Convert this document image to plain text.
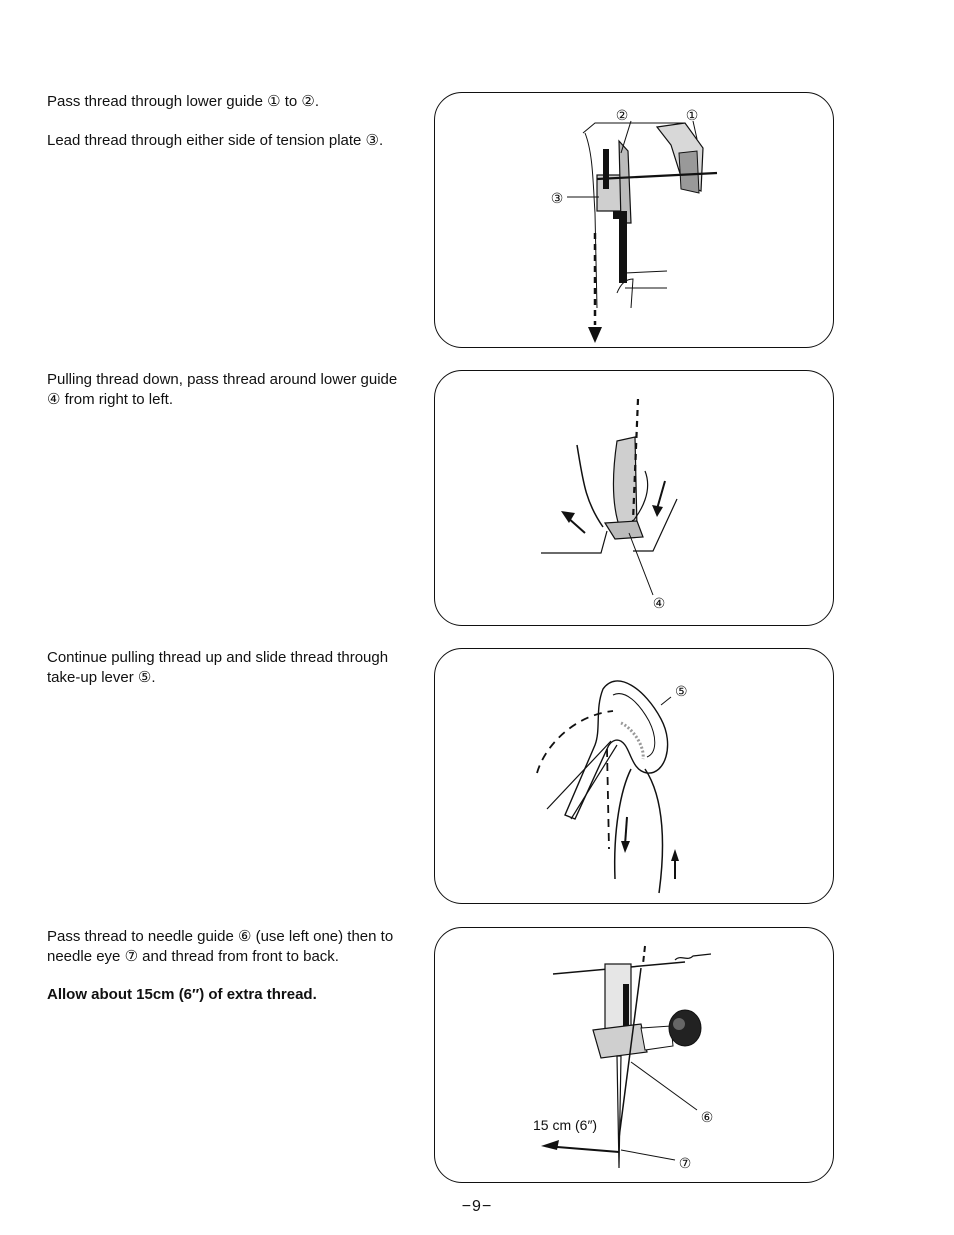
Pass thread through lower guide ① to ②.

Lead thread through either side of tension plate ③.

②	①
③

Pulling thread down, pass thread around lower guide ④ from right to left.

④

Continue pulling thread up and slide thread through take-up lever ⑤.

⑤

Pass thread to needle guide ⑥ (use left one) then to needle eye ⑦ and thread from front to back.

Allow about 15cm (6″) of extra thread.

⑥
⑦
15 cm (6″)
−9−
